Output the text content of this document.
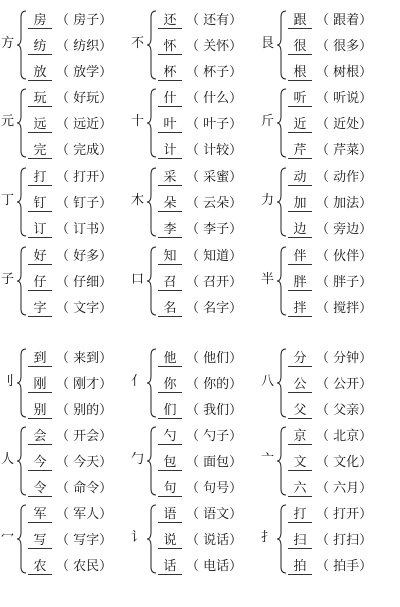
方
房 （ 房子）
纺 （ 纺织）
放 （ 放学）
不
还 （ 还有）
怀 （ 关怀）
杯 （ 杯子）
艮
跟 （ 跟着）
很 （ 很多）
根 （ 树根）
元
玩 （ 好玩）
远 （ 远近）
完 （ 完成）
十
什 （ 什么）
叶 （ 叶子）
计 （ 计较）
斤
听 （ 听说）
近 （ 近处）
芹 （ 芹菜）
丁
打 （ 打开）
钉 （ 钉子）
订 （ 订书）
木
采 （ 采蜜）
朵 （ 云朵）
李 （ 李子）
力
动 （ 动作）
加 （ 加法）
边 （ 旁边）
子
好 （ 好多）
仔 （ 仔细）
字 （ 文字）
口
知 （ 知道）
召 （ 召开）
名 （ 名字）
半
伴 （ 伙伴）
胖 （ 胖子）
拌 （ 搅拌）
刂
到 （ 来到）
刚 （ 刚才）
别 （ 别的）
亻
他 （ 他们）
你 （ 你的）
们 （ 我们）
八
分 （ 分钟）
公 （ 公开）
父 （ 父亲）
人
会 （ 开会）
今 （ 今天）
令 （ 命令）
勹
勺 （ 勺子）
包 （ 面包）
句 （ 句号）
亠
京 （ 北京）
文 （ 文化）
六 （ 六月）
冖
军 （ 军人）
写 （ 写字）
农 （ 农民）
讠
语 （ 语文）
说 （ 说话）
话 （ 电话）
扌
打 （ 打开）
扫 （ 打扫）
拍 （ 拍手）
